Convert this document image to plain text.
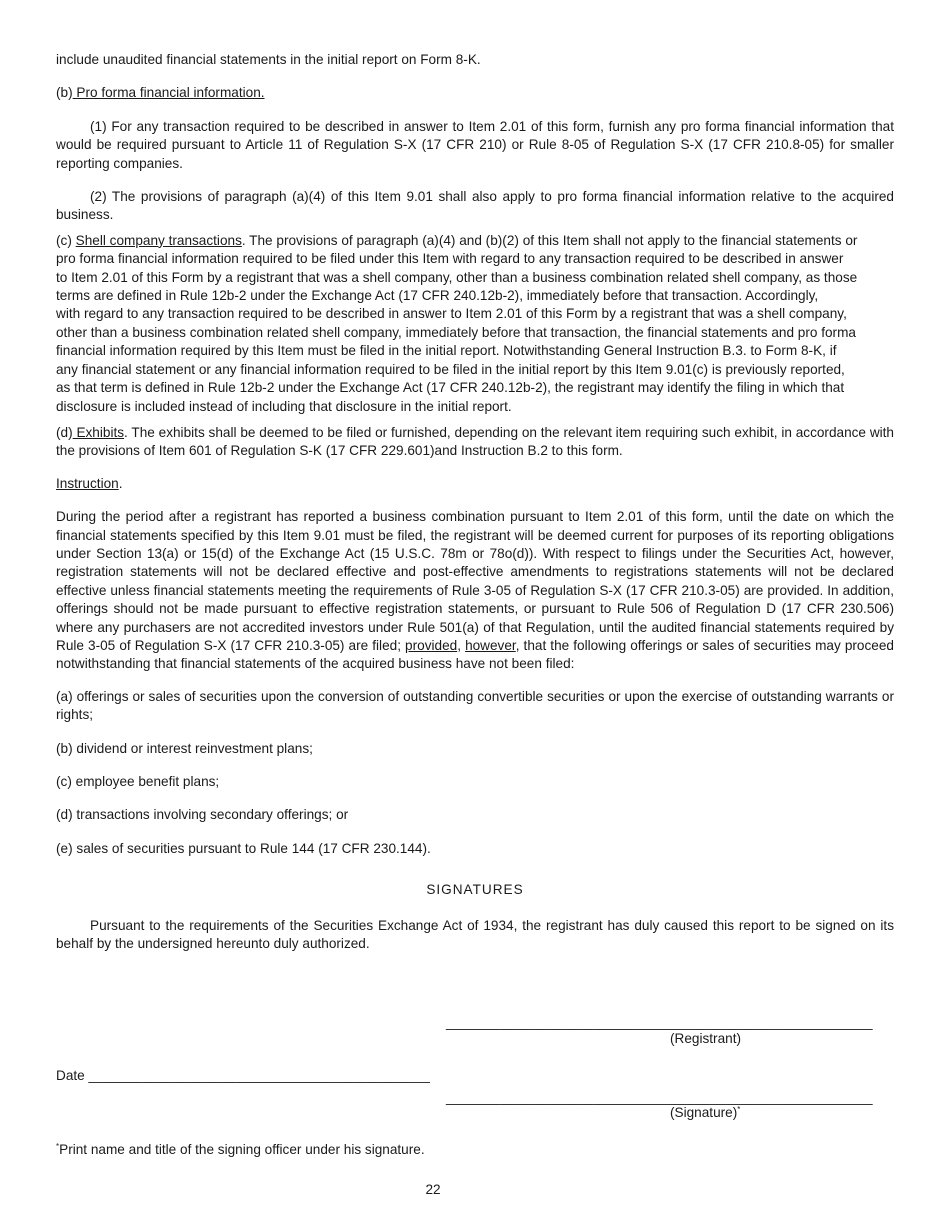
include unaudited financial statements in the initial report on Form 8-K.

(b) Pro forma financial information.

(1) For any transaction required to be described in answer to Item 2.01 of this form, furnish any pro forma financial information that would be required pursuant to Article 11 of Regulation S-X (17 CFR 210) or Rule 8-05 of Regulation S-X (17 CFR 210.8-05) for smaller reporting companies.

(2) The provisions of paragraph (a)(4) of this Item 9.01 shall also apply to pro forma financial information relative to the acquired business.

(c) Shell company transactions. The provisions of paragraph (a)(4) and (b)(2) of this Item shall not apply to the financial statements or
pro forma financial information required to be filed under this Item with regard to any transaction required to be described in answer
to Item 2.01 of this Form by a registrant that was a shell company, other than a business combination related shell company, as those
terms are defined in Rule 12b-2 under the Exchange Act (17 CFR 240.12b-2), immediately before that transaction. Accordingly,
with regard to any transaction required to be described in answer to Item 2.01 of this Form by a registrant that was a shell company,
other than a business combination related shell company, immediately before that transaction, the financial statements and pro forma
financial information required by this Item must be filed in the initial report. Notwithstanding General Instruction B.3. to Form 8-K, if
any financial statement or any financial information required to be filed in the initial report by this Item 9.01(c) is previously reported,
as that term is defined in Rule 12b-2 under the Exchange Act (17 CFR 240.12b-2), the registrant may identify the filing in which that
disclosure is included instead of including that disclosure in the initial report.

(d) Exhibits. The exhibits shall be deemed to be filed or furnished, depending on the relevant item requiring such exhibit, in accordance with the provisions of Item 601 of Regulation S-K (17 CFR 229.601)and Instruction B.2 to this form.

Instruction.

During the period after a registrant has reported a business combination pursuant to Item 2.01 of this form, until the date on which the financial statements specified by this Item 9.01 must be filed, the registrant will be deemed current for purposes of its reporting obligations under Section 13(a) or 15(d) of the Exchange Act (15 U.S.C. 78m or 78o(d)). With respect to filings under the Securities Act, however, registration statements will not be declared effective and post-effective amendments to registrations statements will not be declared effective unless financial statements meeting the requirements of Rule 3-05 of Regulation S-X (17 CFR 210.3-05) are provided. In addition, offerings should not be made pursuant to effective registration statements, or pursuant to Rule 506 of Regulation D (17 CFR 230.506) where any purchasers are not accredited investors under Rule 501(a) of that Regulation, until the audited financial statements required by Rule 3-05 of Regulation S-X (17 CFR 210.3-05) are filed; provided, however, that the following offerings or sales of securities may proceed notwithstanding that financial statements of the acquired business have not been filed:

(a) offerings or sales of securities upon the conversion of outstanding convertible securities or upon the exercise of outstanding warrants or rights;

(b) dividend or interest reinvestment plans;

(c) employee benefit plans;

(d) transactions involving secondary offerings; or

(e) sales of securities pursuant to Rule 144 (17 CFR 230.144).

SIGNATURES

Pursuant to the requirements of the Securities Exchange Act of 1934, the registrant has duly caused this report to be signed on its behalf by the undersigned hereunto duly authorized.

_______________________________________________________
(Registrant)
Date ____________________________________________
_______________________________________________________
(Signature)*
*Print name and title of the signing officer under his signature.
22
